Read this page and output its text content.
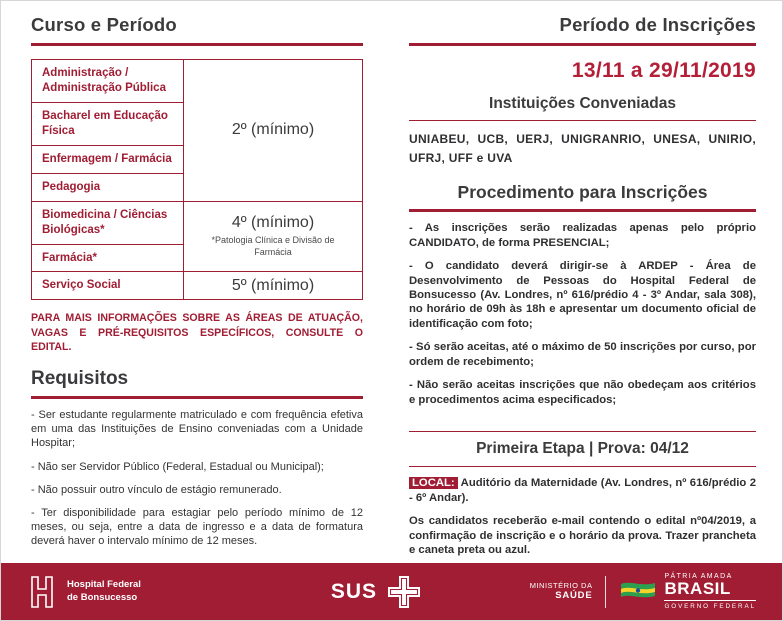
Curso e Período
Administração / Administração Pública	2º (mínimo)

Bacharel em Educação Física	
Enfermagem / Farmácia	
Pedagogia	
Biomedicina / Ciências Biológicas*	4º (mínimo)
*Patologia Clínica e Divisão de Farmácia

Farmácia*	
Serviço Social	5º (mínimo)

PARA MAIS INFORMAÇÕES SOBRE AS ÁREAS DE ATUAÇÃO, VAGAS E PRÉ-REQUISITOS ESPECÍFICOS, CONSULTE O EDITAL.

Requisitos

- Ser estudante regularmente matriculado e com frequência efetiva em uma das Instituições de Ensino conveniadas com a Unidade Hospitar;

- Não ser Servidor Público (Federal, Estadual ou Municipal);

- Não possuir outro vínculo de estágio remunerado.

- Ter disponibilidade para estagiar pelo período mínimo de 12 meses, ou seja, entre a data de ingresso e a data de formatura deverá haver o intervalo mínimo de 12 meses.

Período de Inscrições
13/11 a 29/11/2019
Instituições Conveniadas

UNIABEU, UCB, UERJ, UNIGRANRIO, UNESA, UNIRIO, UFRJ, UFF e UVA

Procedimento para Inscrições

- As inscrições serão realizadas apenas pelo próprio CANDIDATO, de forma PRESENCIAL;

- O candidato deverá dirigir-se à ARDEP - Área de Desenvolvimento de Pessoas do Hospital Federal de Bonsucesso (Av. Londres, nº 616/prédio 4 - 3º Andar, sala 308), no horário de 09h às 18h e apresentar um documento oficial de identificação com foto;

- Só serão aceitas, até o máximo de 50 inscrições por curso, por ordem de recebimento;

- Não serão aceitas inscrições que não obedeçam aos critérios e procedimentos acima especificados;

Primeira Etapa | Prova: 04/12

LOCAL: Auditório da Maternidade (Av. Londres, nº 616/prédio 2 - 6º Andar).

Os candidatos receberão e-mail contendo o edital nº04/2019, a confirmação de inscrição e o horário da prova. Trazer prancheta e caneta preta ou azul.

Hospital Federal
de Bonsucesso	SUS	MINISTÉRIO DA
SAÚDE
PÁTRIA AMADA
BRASIL
GOVERNO FEDERAL
